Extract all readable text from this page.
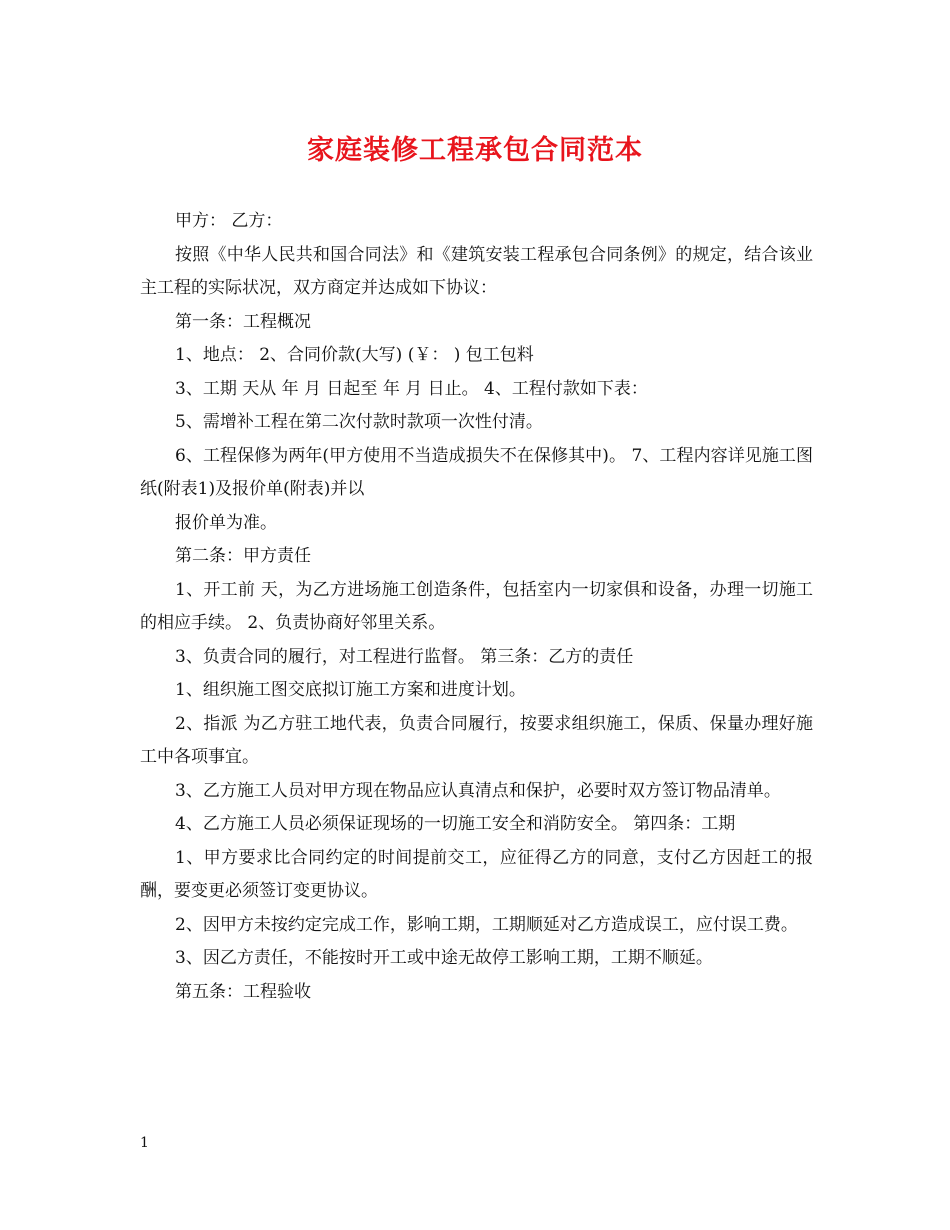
家庭装修工程承包合同范本

甲方： 乙方：

按照《中华人民共和国合同法》和《建筑安装工程承包合同条例》的规定，结合该业主工程的实际状况，双方商定并达成如下协议：

第一条：工程概况

1、地点： 2、合同价款(大写) (￥： ) 包工包料

3、工期 天从 年 月 日起至 年 月 日止。 4、工程付款如下表：

5、需增补工程在第二次付款时款项一次性付清。

6、工程保修为两年(甲方使用不当造成损失不在保修其中)。 7、工程内容详见施工图纸(附表1)及报价单(附表)并以

报价单为准。

第二条：甲方责任

1、开工前 天，为乙方进场施工创造条件，包括室内一切家俱和设备，办理一切施工的相应手续。 2、负责协商好邻里关系。

3、负责合同的履行，对工程进行监督。 第三条：乙方的责任

1、组织施工图交底拟订施工方案和进度计划。

2、指派 为乙方驻工地代表，负责合同履行，按要求组织施工，保质、保量办理好施工中各项事宜。

3、乙方施工人员对甲方现在物品应认真清点和保护，必要时双方签订物品清单。

4、乙方施工人员必须保证现场的一切施工安全和消防安全。 第四条：工期

1、甲方要求比合同约定的时间提前交工，应征得乙方的同意，支付乙方因赶工的报酬，要变更必须签订变更协议。

2、因甲方未按约定完成工作，影响工期，工期顺延对乙方造成误工，应付误工费。

3、因乙方责任，不能按时开工或中途无故停工影响工期，工期不顺延。

第五条：工程验收

1
